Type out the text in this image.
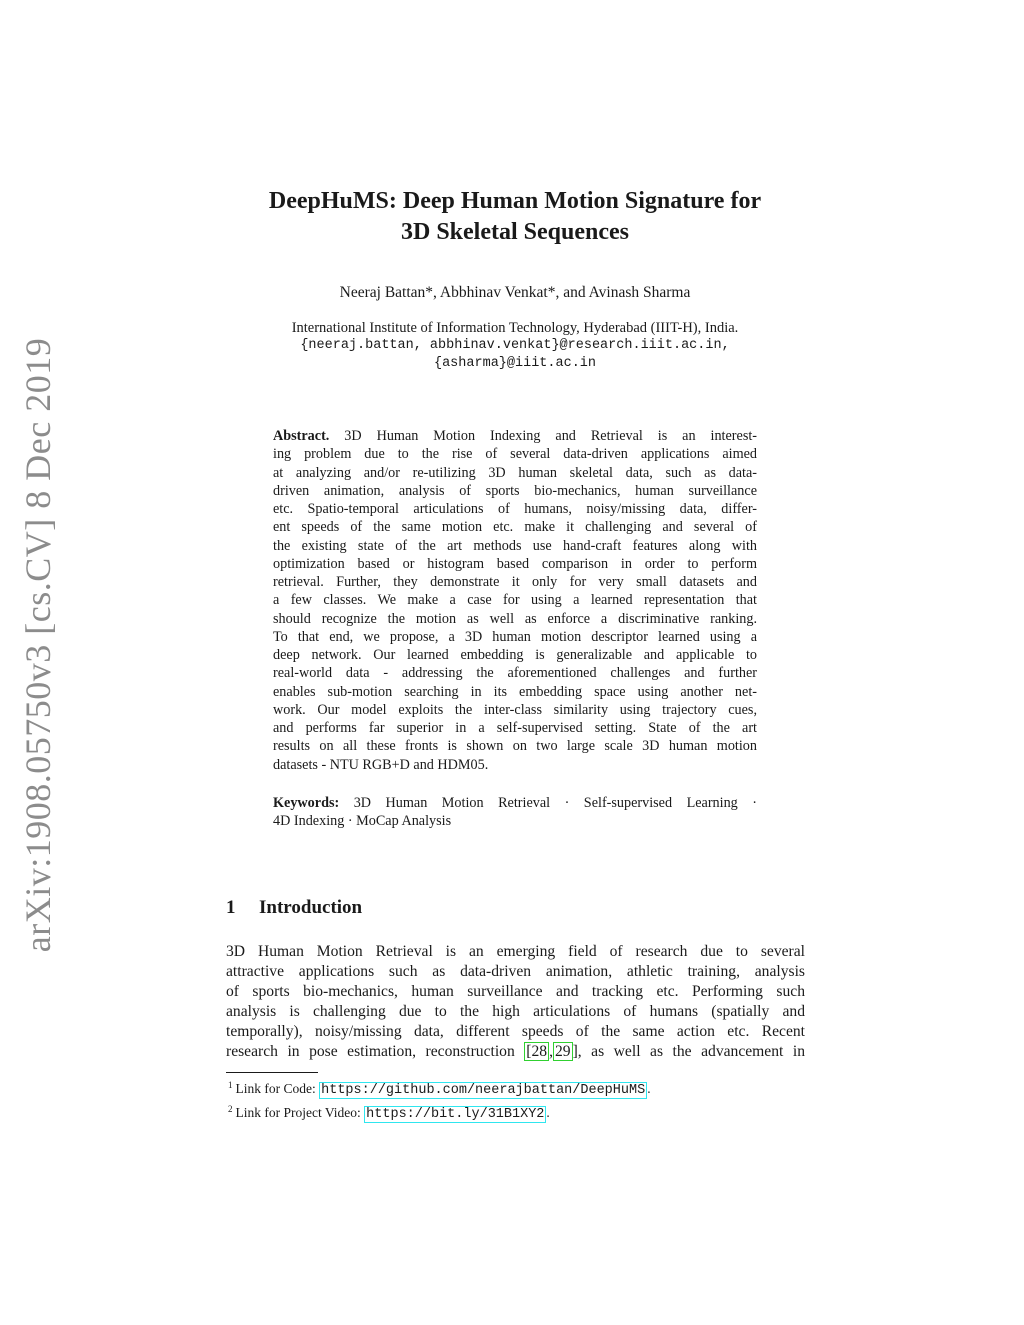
arXiv:1908.05750v3 [cs.CV] 8 Dec 2019
DeepHuMS: Deep Human Motion Signature for
3D Skeletal Sequences
Neeraj Battan*, Abbhinav Venkat*, and Avinash Sharma
International Institute of Information Technology, Hyderabad (IIIT-H), India.
{neeraj.battan, abbhinav.venkat}@research.iiit.ac.in,
{asharma}@iiit.ac.in
Abstract. 3D Human Motion Indexing and Retrieval is an interest-
ing problem due to the rise of several data-driven applications aimed
at analyzing and/or re-utilizing 3D human skeletal data, such as data-
driven animation, analysis of sports bio-mechanics, human surveillance
etc. Spatio-temporal articulations of humans, noisy/missing data, differ-
ent speeds of the same motion etc. make it challenging and several of
the existing state of the art methods use hand-craft features along with
optimization based or histogram based comparison in order to perform
retrieval. Further, they demonstrate it only for very small datasets and
a few classes. We make a case for using a learned representation that
should recognize the motion as well as enforce a discriminative ranking.
To that end, we propose, a 3D human motion descriptor learned using a
deep network. Our learned embedding is generalizable and applicable to
real-world data - addressing the aforementioned challenges and further
enables sub-motion searching in its embedding space using another net-
work. Our model exploits the inter-class similarity using trajectory cues,
and performs far superior in a self-supervised setting. State of the art
results on all these fronts is shown on two large scale 3D human motion
datasets - NTU RGB+D and HDM05.
Keywords: 3D Human Motion Retrieval · Self-supervised Learning ·
4D Indexing · MoCap Analysis
1 Introduction
3D Human Motion Retrieval is an emerging field of research due to several
attractive applications such as data-driven animation, athletic training, analysis
of sports bio-mechanics, human surveillance and tracking etc. Performing such
analysis is challenging due to the high articulations of humans (spatially and
temporally), noisy/missing data, different speeds of the same action etc. Recent
research in pose estimation, reconstruction [28 , 29 ], as well as the advancement in
$^1$ Link for Code: https://github.com/neerajbattan/DeepHuMS .
$^2$ Link for Project Video: https://bit.ly/31B1XY2 .
